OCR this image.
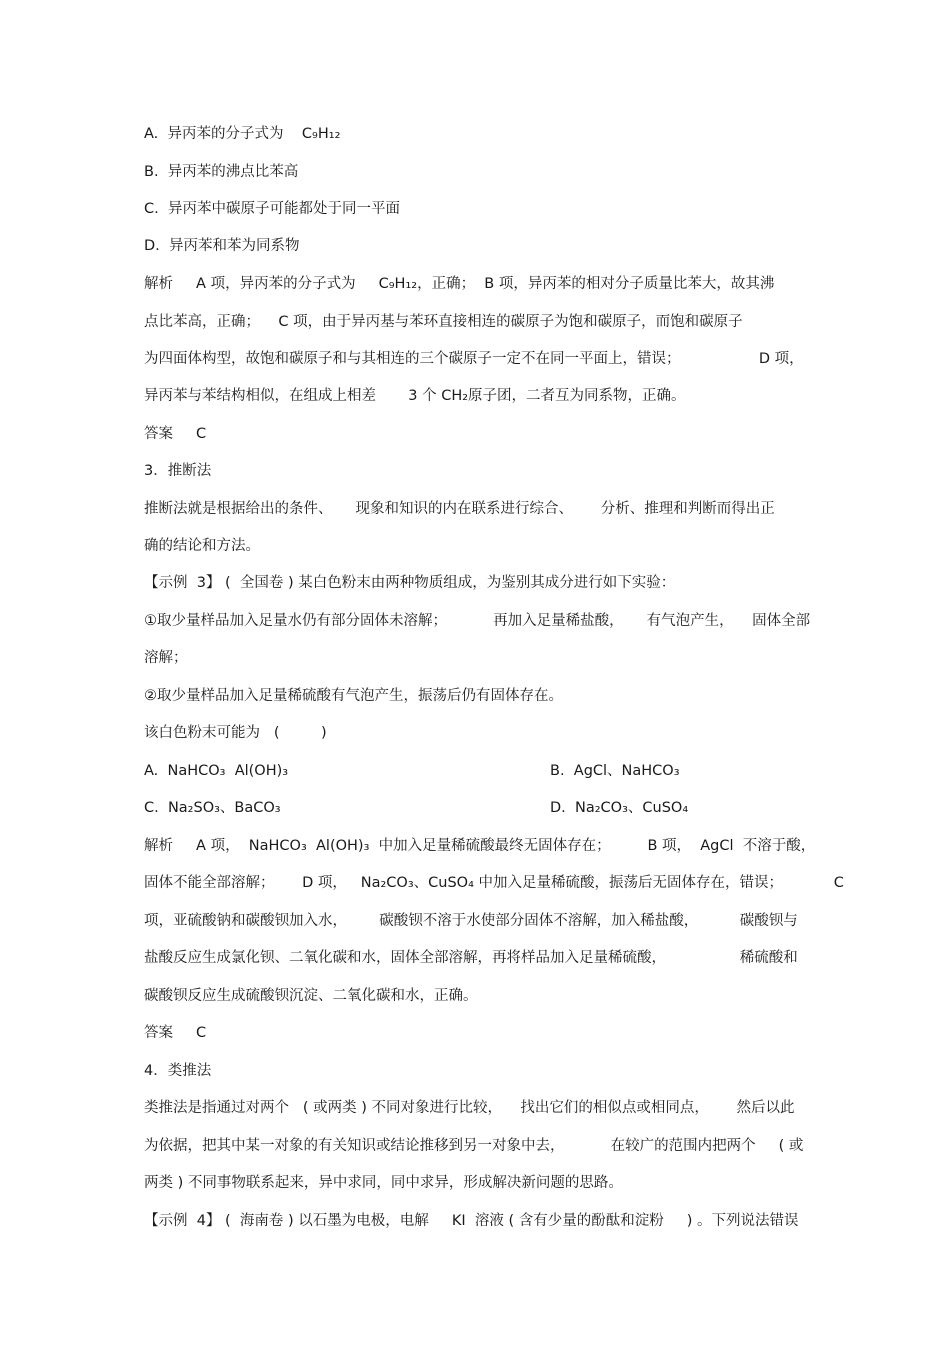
A.  异丙苯的分子式为    C₉H₁₂
B.  异丙苯的沸点比苯高
C.  异丙苯中碳原子可能都处于同一平面
D.  异丙苯和苯为同系物
解析     A 项，异丙苯的分子式为     C₉H₁₂，正确；  B 项，异丙苯的相对分子质量比苯大，故其沸
点比苯高，正确；    C 项，由于异丙基与苯环直接相连的碳原子为饱和碳原子，而饱和碳原子
为四面体构型，故饱和碳原子和与其相连的三个碳原子一定不在同一平面上，错误；                 D 项，
异丙苯与苯结构相似，在组成上相差       3 个 CH₂原子团，二者互为同系物，正确。
答案     C
3．推断法
推断法就是根据给出的条件、     现象和知识的内在联系进行综合、      分析、推理和判断而得出正
确的结论和方法。
【示例  3】 (  全国卷 ) 某白色粉末由两种物质组成，为鉴别其成分进行如下实验：
①取少量样品加入足量水仍有部分固体未溶解；          再加入足量稀盐酸，     有气泡产生，    固体全部
溶解；
②取少量样品加入足量稀硫酸有气泡产生，振荡后仍有固体存在。
该白色粉末可能为   (         )
A.  NaHCO₃  Al(OH)₃	B.  AgCl、NaHCO₃
C.  Na₂SO₃、BaCO₃	D.  Na₂CO₃、CuSO₄
解析     A 项，  NaHCO₃  Al(OH)₃  中加入足量稀硫酸最终无固体存在；        B 项，  AgCl  不溶于酸，
固体不能全部溶解；      D 项，   Na₂CO₃、CuSO₄ 中加入足量稀硫酸，振荡后无固体存在，错误；           C
项，亚硫酸钠和碳酸钡加入水，       碳酸钡不溶于水使部分固体不溶解，加入稀盐酸，         碳酸钡与
盐酸反应生成氯化钡、二氧化碳和水，固体全部溶解，再将样品加入足量稀硫酸，                稀硫酸和
碳酸钡反应生成硫酸钡沉淀、二氧化碳和水，正确。
答案     C
4．类推法
类推法是指通过对两个   ( 或两类 ) 不同对象进行比较，    找出它们的相似点或相同点，      然后以此
为依据，把其中某一对象的有关知识或结论推移到另一对象中去，          在较广的范围内把两个     ( 或
两类 ) 不同事物联系起来，异中求同，同中求异，形成解决新问题的思路。
【示例  4】 (  海南卷 ) 以石墨为电极，电解     KI  溶液 ( 含有少量的酚酞和淀粉     ) 。下列说法错误
